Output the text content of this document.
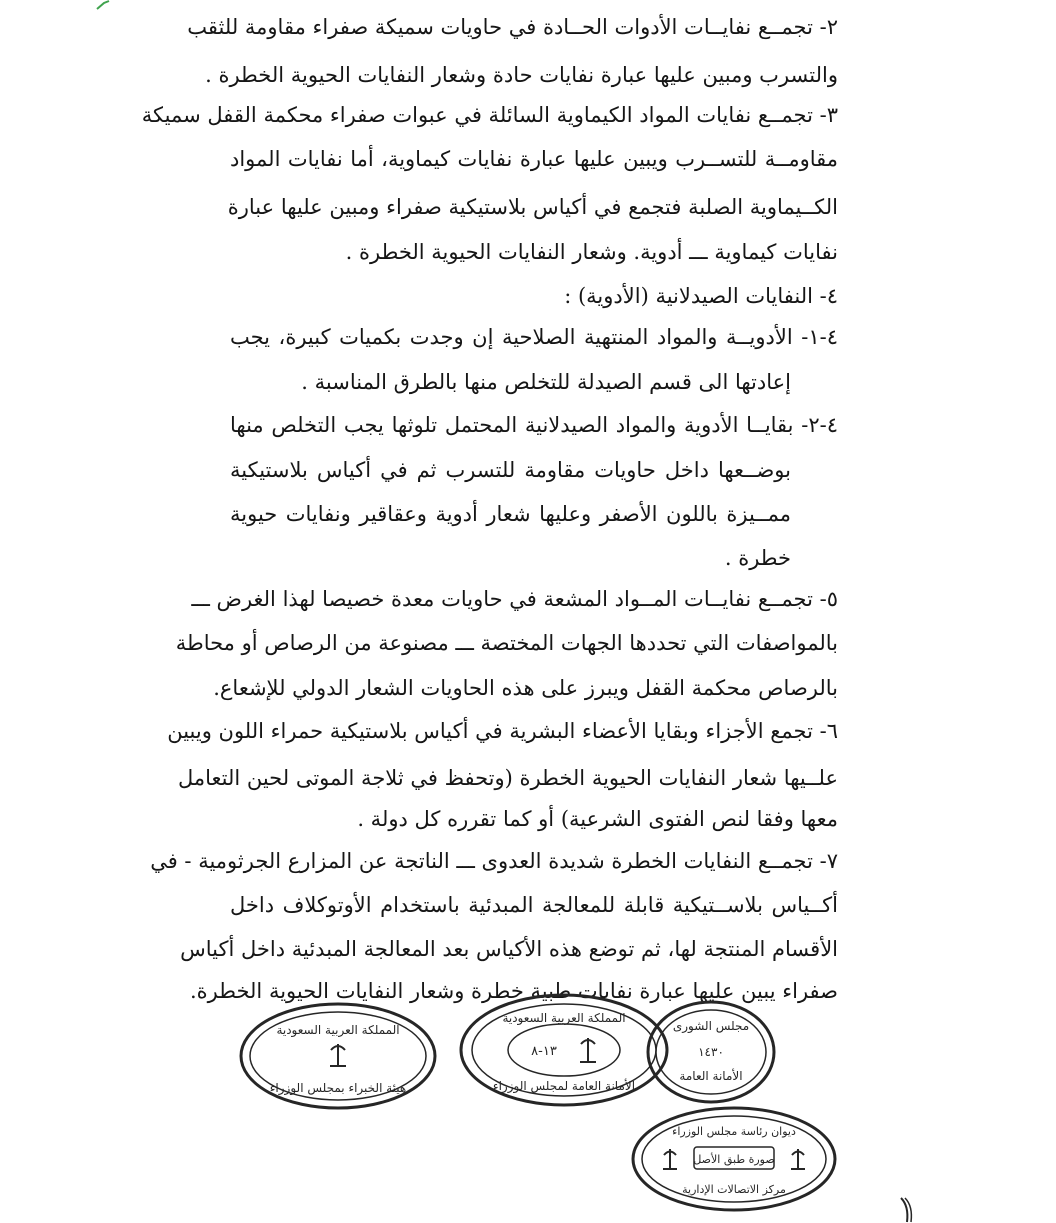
٢- تجمــع نفايــات الأدوات الحــادة في حاويات سميكة صفراء مقاومة للثقب
والتسرب ومبين عليها عبارة نفايات حادة وشعار النفايات الحيوية الخطرة .
٣- تجمــع نفايات المواد الكيماوية السائلة في عبوات صفراء محكمة القفل سميكة
مقاومــة للتســرب ويبين عليها عبارة نفايات كيماوية، أما نفايات المواد
الكــيماوية الصلبة فتجمع في أكياس بلاستيكية صفراء ومبين عليها عبارة
نفايات كيماوية ـــ أدوية. وشعار النفايات الحيوية الخطرة .
٤- النفايات الصيدلانية (الأدوية) :
٤-١- الأدويــة والمواد المنتهية الصلاحية إن وجدت بكميات كبيرة، يجب
إعادتها الى قسم الصيدلة للتخلص منها بالطرق المناسبة .
٤-٢- بقايــا الأدوية والمواد الصيدلانية المحتمل تلوثها يجب التخلص منها
بوضــعها داخل حاويات مقاومة للتسرب ثم في أكياس بلاستيكية
ممــيزة باللون الأصفر وعليها شعار أدوية وعقاقير ونفايات حيوية
خطرة .
٥- تجمــع نفايــات المــواد المشعة في حاويات معدة خصيصا لهذا الغرض ـــ
بالمواصفات التي تحددها الجهات المختصة ـــ مصنوعة من الرصاص أو محاطة
بالرصاص محكمة القفل ويبرز على هذه الحاويات الشعار الدولي للإشعاع.
٦- تجمع الأجزاء وبقايا الأعضاء البشرية في أكياس بلاستيكية حمراء اللون ويبين
علــيها شعار النفايات الحيوية الخطرة (وتحفظ في ثلاجة الموتى لحين التعامل
معها وفقا لنص الفتوى الشرعية) أو كما تقرره كل دولة .
٧- تجمــع النفايات الخطرة شديدة العدوى ـــ الناتجة عن المزارع الجرثومية - في
أكــياس بلاســتيكية قابلة للمعالجة المبدئية باستخدام الأوتوكلاف داخل
الأقسام المنتجة لها، ثم توضع هذه الأكياس بعد المعالجة المبدئية داخل أكياس
صفراء يبين عليها عبارة نفايات طبية خطرة وشعار النفايات الحيوية الخطرة.
المملكة العربية السعودية
هيئة الخبراء بمجلس الوزراء
المملكة العربية السعودية
١٣-٨
الأمانة العامة لمجلس الوزراء
مجلس الشورى
١٤٣٠
الأمانة العامة
ديوان رئاسة مجلس الوزراء
صورة طبق الأصل
مركز الاتصالات الإدارية
